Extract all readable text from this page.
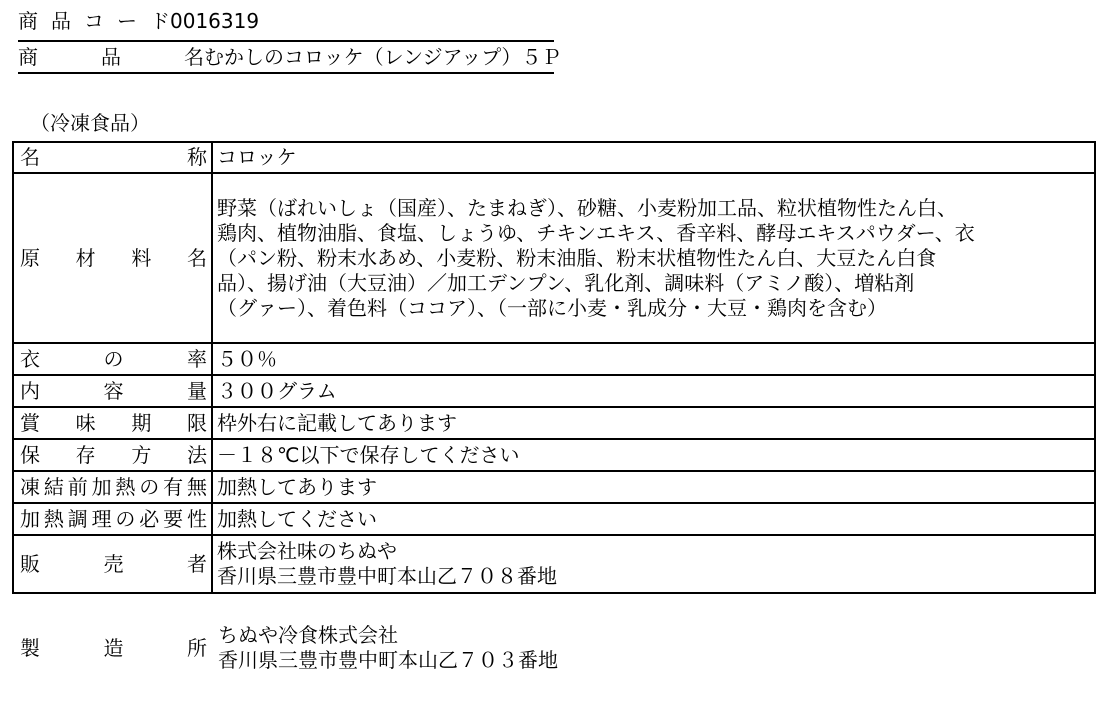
商品コード0016319
商品名むかしのコロッケ（レンジアップ）５Ｐ
（冷凍食品）
名称	コロッケ

原材料名	野菜（ばれいしょ（国産）、たまねぎ）、砂糖、小麦粉加工品、粒状植物性たん白、
鶏肉、植物油脂、食塩、しょうゆ、チキンエキス、香辛料、酵母エキスパウダー、衣
（パン粉、粉末水あめ、小麦粉、粉末油脂、粉末状植物性たん白、大豆たん白食
品）、揚げ油（大豆油）／加工デンプン、乳化剤、調味料（アミノ酸）、増粘剤
（グァー）、着色料（ココア）、（一部に小麦・乳成分・大豆・鶏肉を含む）

衣の率	５０％

内容量	３００グラム

賞味期限	枠外右に記載してあります

保存方法	－１８℃以下で保存してください

凍結前加熱の有無	加熱してあります

加熱調理の必要性	加熱してください

販売者	株式会社味のちぬや
香川県三豊市豊中町本山乙７０８番地
製造所
ちぬや冷食株式会社
香川県三豊市豊中町本山乙７０３番地
